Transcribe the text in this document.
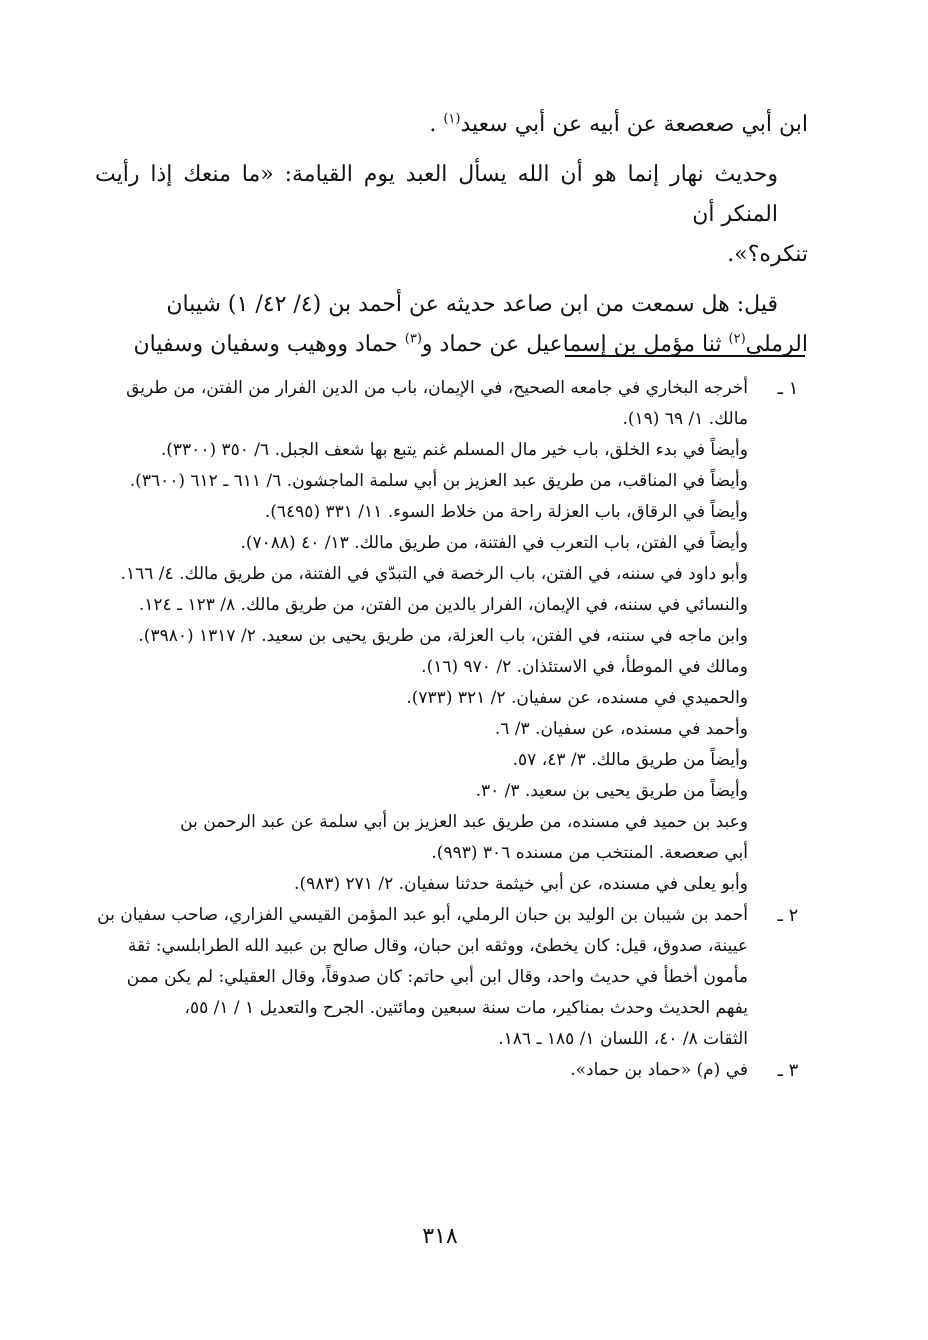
ابن أبي صعصعة عن أبيه عن أبي سعيد$^{(١)}$ .

وحديث نهار إنما هو أن الله يسأل العبد يوم القيامة: «ما منعك إذا رأيت المنكر أن

تنكره؟».

قيل: هل سمعت من ابن صاعد حديثه عن أحمد بن (٤/ ٤٢/ ١) شيبان

الرملي$^{(٢)}$ ثنا مؤمل بن إسماعيل عن حماد و$^{(٣)}$ حماد ووهيب وسفيان وسفيان

١ ـ

أخرجه البخاري في جامعه الصحيح، في الإيمان، باب من الدين الفرار من الفتن، من طريق

مالك. ١/ ٦٩ (١٩).

وأيضاً في بدء الخلق، باب خير مال المسلم غنم يتبع بها شعف الجبل. ٦/ ٣٥٠ (٣٣٠٠).

وأيضاً في المناقب، من طريق عبد العزيز بن أبي سلمة الماجشون. ٦/ ٦١١ ـ ٦١٢ (٣٦٠٠).

وأيضاً في الرقاق، باب العزلة راحة من خلاط السوء. ١١/ ٣٣١ (٦٤٩٥).

وأيضاً في الفتن، باب التعرب في الفتنة، من طريق مالك. ١٣/ ٤٠ (٧٠٨٨).

وأبو داود في سننه، في الفتن، باب الرخصة في التبدّي في الفتنة، من طريق مالك. ٤/ ١٦٦.

والنسائي في سننه، في الإيمان، الفرار بالدين من الفتن، من طريق مالك. ٨/ ١٢٣ ـ ١٢٤.

وابن ماجه في سننه، في الفتن، باب العزلة، من طريق يحيى بن سعيد. ٢/ ١٣١٧ (٣٩٨٠).

ومالك في الموطأ، في الاستئذان. ٢/ ٩٧٠ (١٦).

والحميدي في مسنده، عن سفيان. ٢/ ٣٢١ (٧٣٣).

وأحمد في مسنده، عن سفيان. ٣/ ٦.

وأيضاً من طريق مالك. ٣/ ٤٣، ٥٧.

وأيضاً من طريق يحيى بن سعيد. ٣/ ٣٠.

وعبد بن حميد في مسنده، من طريق عبد العزيز بن أبي سلمة عن عبد الرحمن بن

أبي صعصعة. المنتخب من مسنده ٣٠٦ (٩٩٣).

وأبو يعلى في مسنده، عن أبي خيثمة حدثنا سفيان. ٢/ ٢٧١ (٩٨٣).

٢ ـ

أحمد بن شيبان بن الوليد بن حبان الرملي، أبو عبد المؤمن القيسي الفزاري، صاحب سفيان بن

عيينة، صدوق، قيل: كان يخطئ، ووثقه ابن حبان، وقال صالح بن عبيد الله الطرابلسي: ثقة

مأمون أخطأ في حديث واحد، وقال ابن أبي حاتم: كان صدوقاً، وقال العقيلي: لم يكن ممن

يفهم الحديث وحدث بمناكير، مات سنة سبعين ومائتين. الجرح والتعديل ١ / ١/ ٥٥،

الثقات ٨/ ٤٠، اللسان ١/ ١٨٥ ـ ١٨٦.

٣ ـ

في (م) «حماد بن حماد».

٣١٨
